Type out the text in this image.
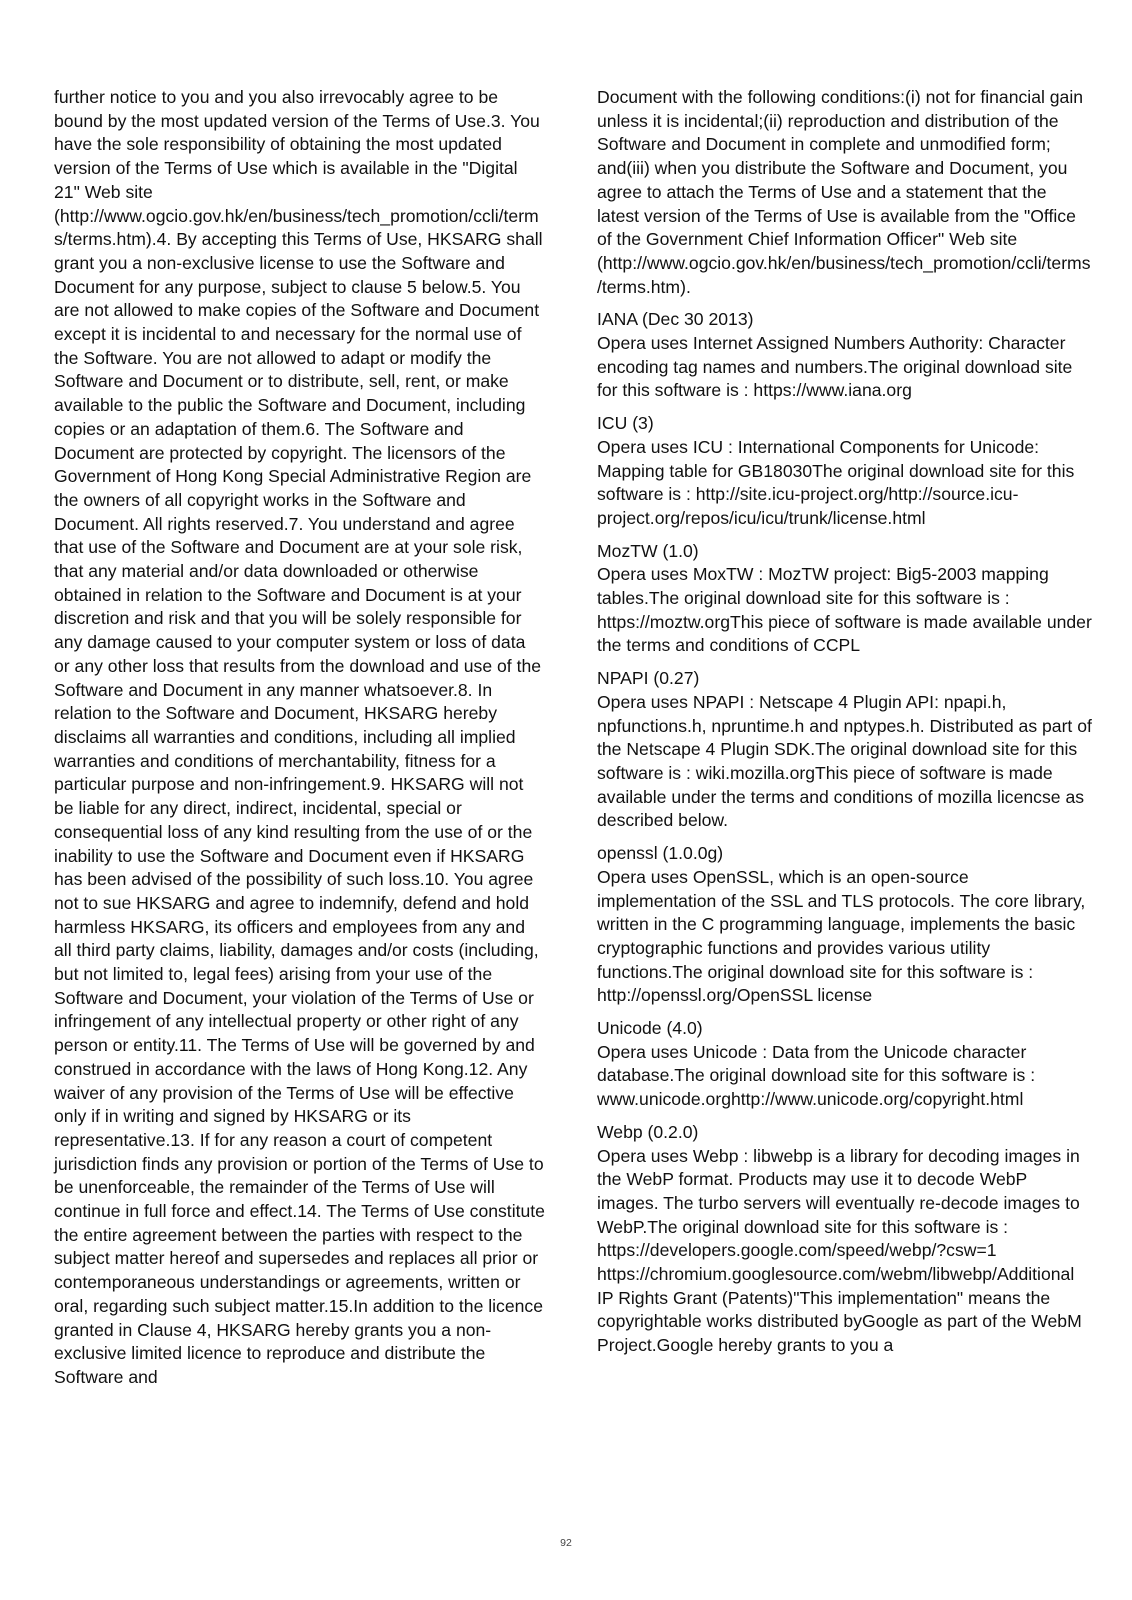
further notice to you and you also irrevocably agree to be bound by the most updated version of the Terms of Use.3. You have the sole responsibility of obtaining the most updated version of the Terms of Use which is available in the "Digital 21" Web site (http://www.ogcio.gov.hk/en/business/tech_promotion/ccli/terms/terms.htm).4. By accepting this Terms of Use, HKSARG shall grant you a non-exclusive license to use the Software and Document for any purpose, subject to clause 5 below.5. You are not allowed to make copies of the Software and Document except it is incidental to and necessary for the normal use of the Software. You are not allowed to adapt or modify the Software and Document or to distribute, sell, rent, or make available to the public the Software and Document, including copies or an adaptation of them.6. The Software and Document are protected by copyright. The licensors of the Government of Hong Kong Special Administrative Region are the owners of all copyright works in the Software and Document. All rights reserved.7. You understand and agree that use of the Software and Document are at your sole risk, that any material and/or data downloaded or otherwise obtained in relation to the Software and Document is at your discretion and risk and that you will be solely responsible for any damage caused to your computer system or loss of data or any other loss that results from the download and use of the Software and Document in any manner whatsoever.8. In relation to the Software and Document, HKSARG hereby disclaims all warranties and conditions, including all implied warranties and conditions of merchantability, fitness for a particular purpose and non-infringement.9. HKSARG will not be liable for any direct, indirect, incidental, special or consequential loss of any kind resulting from the use of or the inability to use the Software and Document even if HKSARG has been advised of the possibility of such loss.10. You agree not to sue HKSARG and agree to indemnify, defend and hold harmless HKSARG, its officers and employees from any and all third party claims, liability, damages and/or costs (including, but not limited to, legal fees) arising from your use of the Software and Document, your violation of the Terms of Use or infringement of any intellectual property or other right of any person or entity.11. The Terms of Use will be governed by and construed in accordance with the laws of Hong Kong.12. Any waiver of any provision of the Terms of Use will be effective only if in writing and signed by HKSARG or its representative.13. If for any reason a court of competent jurisdiction finds any provision or portion of the Terms of Use to be unenforceable, the remainder of the Terms of Use will continue in full force and effect.14. The Terms of Use constitute the entire agreement between the parties with respect to the subject matter hereof and supersedes and replaces all prior or contemporaneous understandings or agreements, written or oral, regarding such subject matter.15.In addition to the licence granted in Clause 4, HKSARG hereby grants you a non-exclusive limited licence to reproduce and distribute the Software and

Document with the following conditions:(i) not for financial gain unless it is incidental;(ii) reproduction and distribution of the Software and Document in complete and unmodified form; and(iii) when you distribute the Software and Document, you agree to attach the Terms of Use and a statement that the latest version of the Terms of Use is available from the "Office of the Government Chief Information Officer" Web site (http://www.ogcio.gov.hk/en/business/tech_promotion/ccli/terms/terms.htm).

IANA (Dec 30 2013)
Opera uses Internet Assigned Numbers Authority: Character encoding tag names and numbers.The original download site for this software is : https://www.iana.org
ICU (3)
Opera uses ICU : International Components for Unicode: Mapping table for GB18030The original download site for this software is : http://site.icu-project.org/http://source.icu-project.org/repos/icu/icu/trunk/license.html
MozTW (1.0)
Opera uses MoxTW : MozTW project: Big5-2003 mapping tables.The original download site for this software is : https://moztw.orgThis piece of software is made available under the terms and conditions of CCPL
NPAPI (0.27)
Opera uses NPAPI : Netscape 4 Plugin API: npapi.h, npfunctions.h, npruntime.h and nptypes.h. Distributed as part of the Netscape 4 Plugin SDK.The original download site for this software is : wiki.mozilla.orgThis piece of software is made available under the terms and conditions of mozilla licencse as described below.
openssl (1.0.0g)
Opera uses OpenSSL, which is an open-source implementation of the SSL and TLS protocols. The core library, written in the C programming language, implements the basic cryptographic functions and provides various utility functions.The original download site for this software is : http://openssl.org/OpenSSL license
Unicode (4.0)
Opera uses Unicode : Data from the Unicode character database.The original download site for this software is : www.unicode.orghttp://www.unicode.org/copyright.html
Webp (0.2.0)
Opera uses Webp : libwebp is a library for decoding images in the WebP format. Products may use it to decode WebP images. The turbo servers will eventually re-decode images to WebP.The original download site for this software is : https://developers.google.com/speed/webp/?csw=1 https://chromium.googlesource.com/webm/libwebp/Additional IP Rights Grant (Patents)"This implementation" means the copyrightable works distributed byGoogle as part of the WebM Project.Google hereby grants to you a
92
